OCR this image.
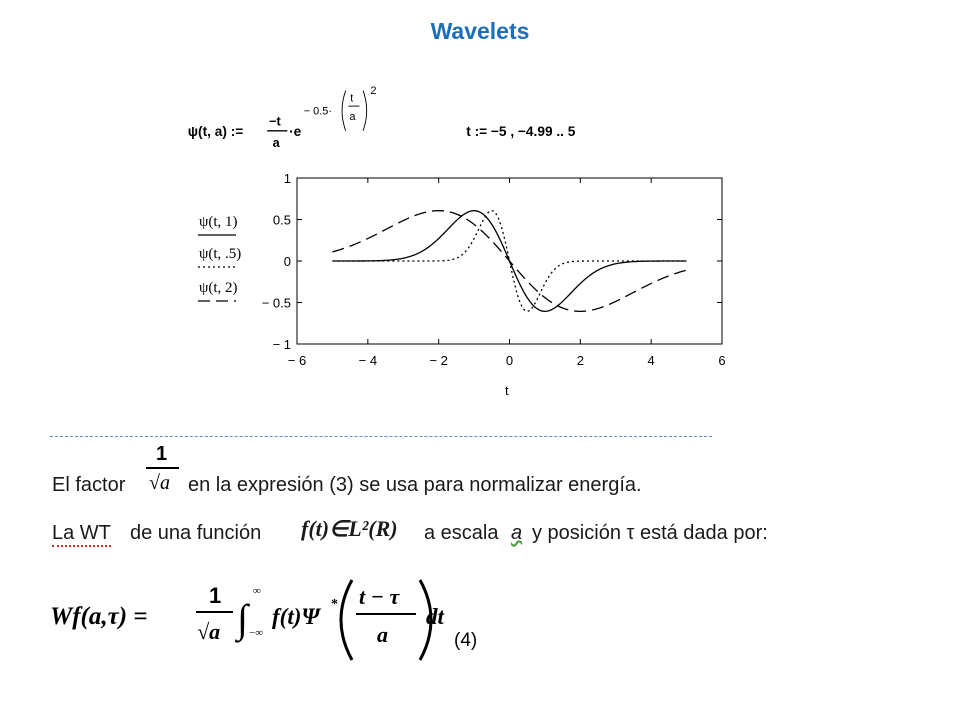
Wavelets
ψ(t, a) :=
−t
a
·e
− 0.5·
t
a
2
t := −5 , −4.99 .. 5
− 6	− 4	− 2	0	2	4	6
1
0.5
0
− 0.5
− 1
t
ψ(t, 1)
ψ(t, .5)
ψ(t, 2)
El factor
1
√a en la expresión (3) se usa para normalizar energía.
La WT de una función f(t)∈L²(R) a escala a y posición τ está dada por:
Wf(a,τ) =
1
√a ∫
∞
−∞
f(t)Ψ * t − τ
a
dt
(4)
